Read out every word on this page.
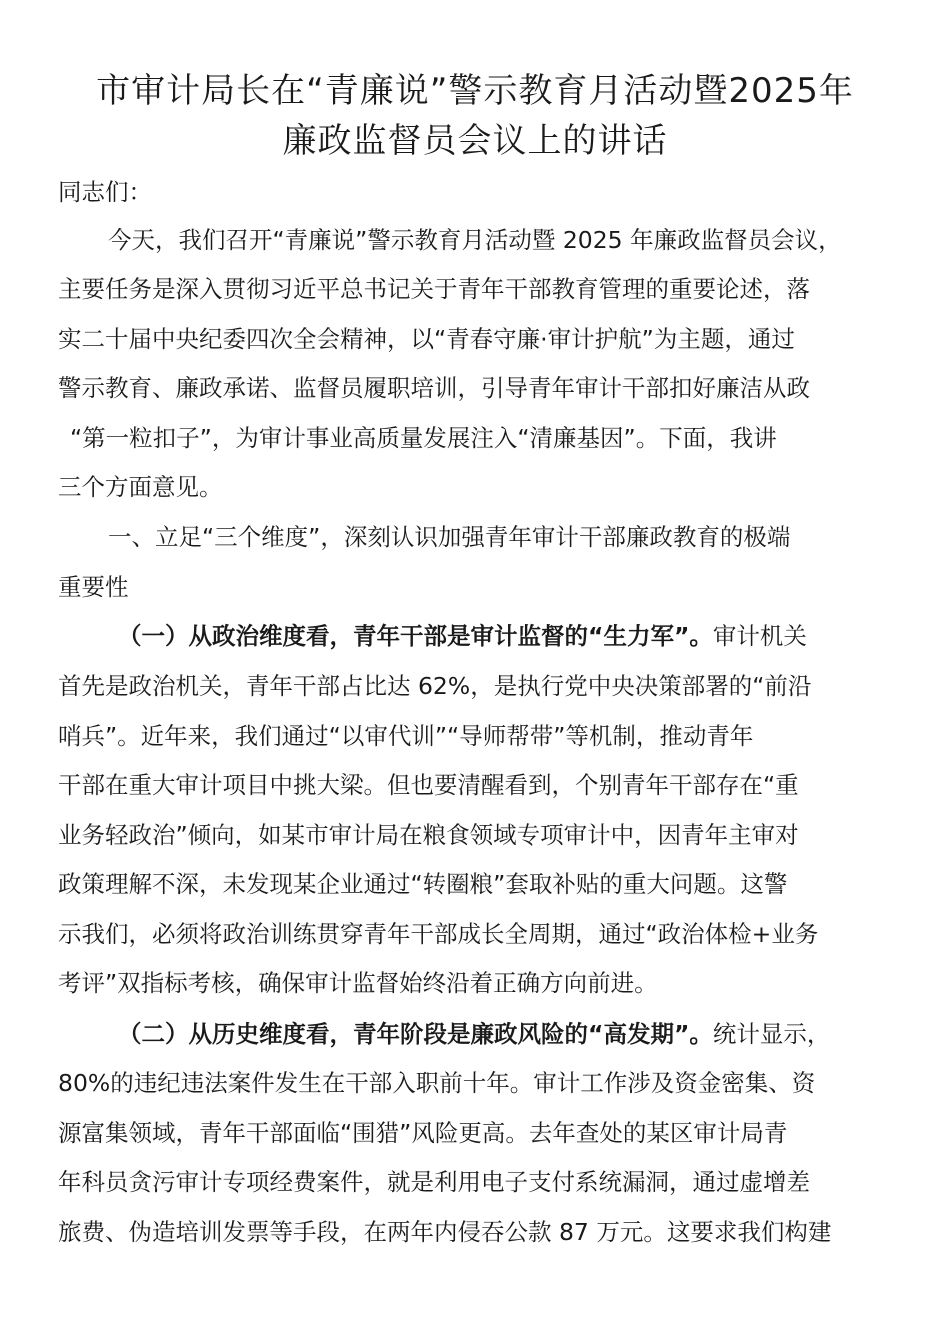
市审计局长在“青廉说”警示教育月活动暨2025年
廉政监督员会议上的讲话

同志们：

今天，我们召开“青廉说”警示教育月活动暨 2025 年廉政监督员会议，

主要任务是深入贯彻习近平总书记关于青年干部教育管理的重要论述，落

实二十届中央纪委四次全会精神，以“青春守廉·审计护航”为主题，通过

警示教育、廉政承诺、监督员履职培训，引导青年审计干部扣好廉洁从政

“第一粒扣子”，为审计事业高质量发展注入“清廉基因”。下面，我讲

三个方面意见。

一、立足“三个维度”，深刻认识加强青年审计干部廉政教育的极端

重要性

（一）从政治维度看，青年干部是审计监督的“生力军”。审计机关

首先是政治机关，青年干部占比达 62%，是执行党中央决策部署的“前沿

哨兵”。近年来，我们通过“以审代训”“导师帮带”等机制，推动青年

干部在重大审计项目中挑大梁。但也要清醒看到，个别青年干部存在“重

业务轻政治”倾向，如某市审计局在粮食领域专项审计中，因青年主审对

政策理解不深，未发现某企业通过“转圈粮”套取补贴的重大问题。这警

示我们，必须将政治训练贯穿青年干部成长全周期，通过“政治体检+业务

考评”双指标考核，确保审计监督始终沿着正确方向前进。

（二）从历史维度看，青年阶段是廉政风险的“高发期”。统计显示，

80%的违纪违法案件发生在干部入职前十年。审计工作涉及资金密集、资

源富集领域，青年干部面临“围猎”风险更高。去年查处的某区审计局青

年科员贪污审计专项经费案件，就是利用电子支付系统漏洞，通过虚增差

旅费、伪造培训发票等手段，在两年内侵吞公款 87 万元。这要求我们构建
